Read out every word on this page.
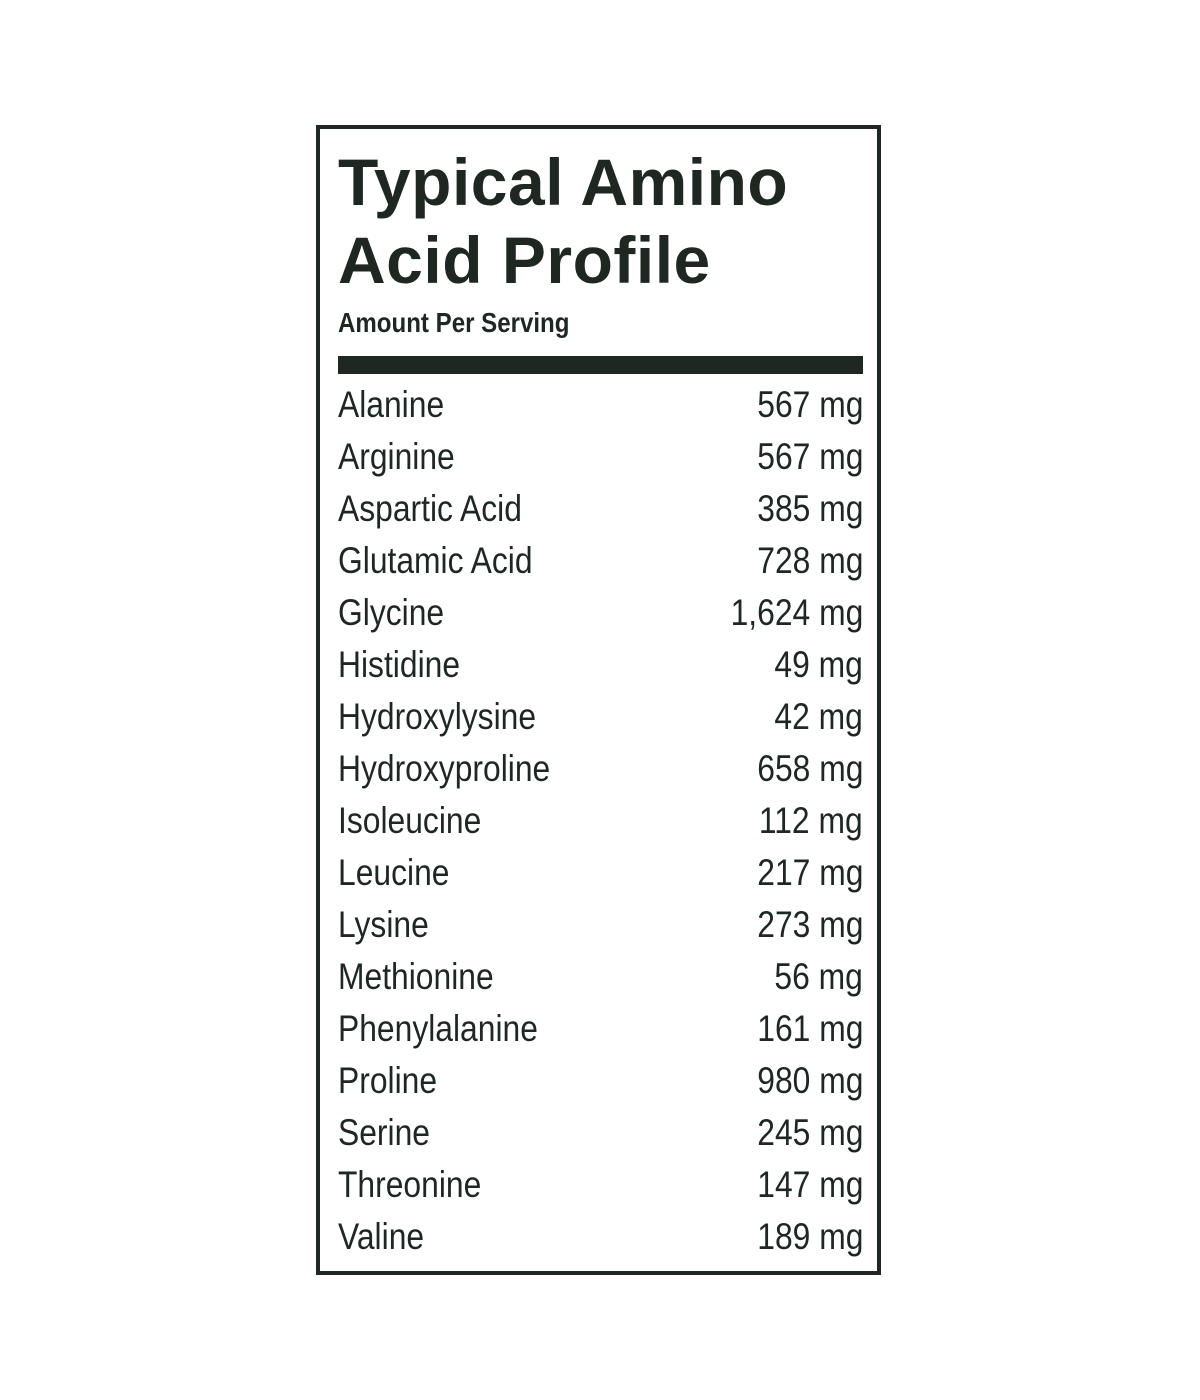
Typical Amino
Acid Profile
Amount Per Serving
Alanine	567 mg
Arginine	567 mg
Aspartic Acid	385 mg
Glutamic Acid	728 mg
Glycine	1,624 mg
Histidine	49 mg
Hydroxylysine	42 mg
Hydroxyproline	658 mg
Isoleucine	112 mg
Leucine	217 mg
Lysine	273 mg
Methionine	56 mg
Phenylalanine	161 mg
Proline	980 mg
Serine	245 mg
Threonine	147 mg
Valine	189 mg
